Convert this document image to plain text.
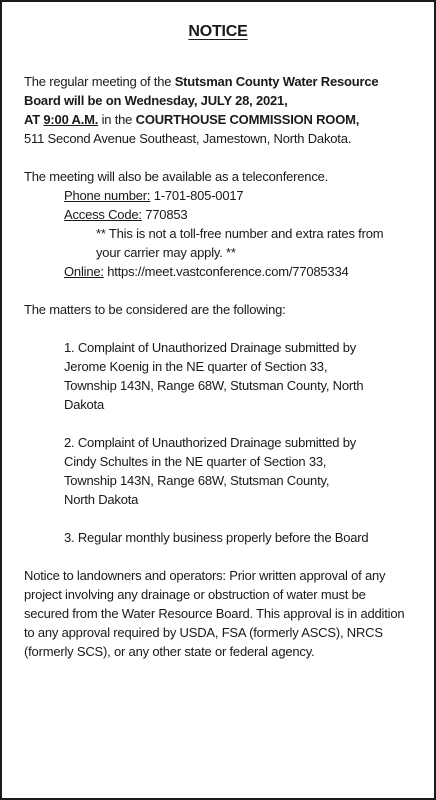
NOTICE

The regular meeting of the Stutsman County Water Resource Board will be on Wednesday, JULY 28, 2021,
AT 9:00 A.M. in the COURTHOUSE COMMISSION ROOM,
511 Second Avenue Southeast, Jamestown, North Dakota.

The meeting will also be available as a teleconference.

Phone number: 1-701-805-0017

Access Code: 770853

** This is not a toll-free number and extra rates from your carrier may apply. **

Online: https://meet.vastconference.com/77085334

The matters to be considered are the following:

1. Complaint of Unauthorized Drainage submitted by Jerome Koenig in the NE quarter of Section 33, Township 143N, Range 68W, Stutsman County, North Dakota

2. Complaint of Unauthorized Drainage submitted by Cindy Schultes in the NE quarter of Section 33, Township 143N, Range 68W, Stutsman County, North Dakota

3. Regular monthly business properly before the Board

Notice to landowners and operators: Prior written approval of any project involving any drainage or obstruction of water must be secured from the Water Resource Board. This approval is in addition to any approval required by USDA, FSA (formerly ASCS), NRCS (formerly SCS), or any other state or federal agency.
